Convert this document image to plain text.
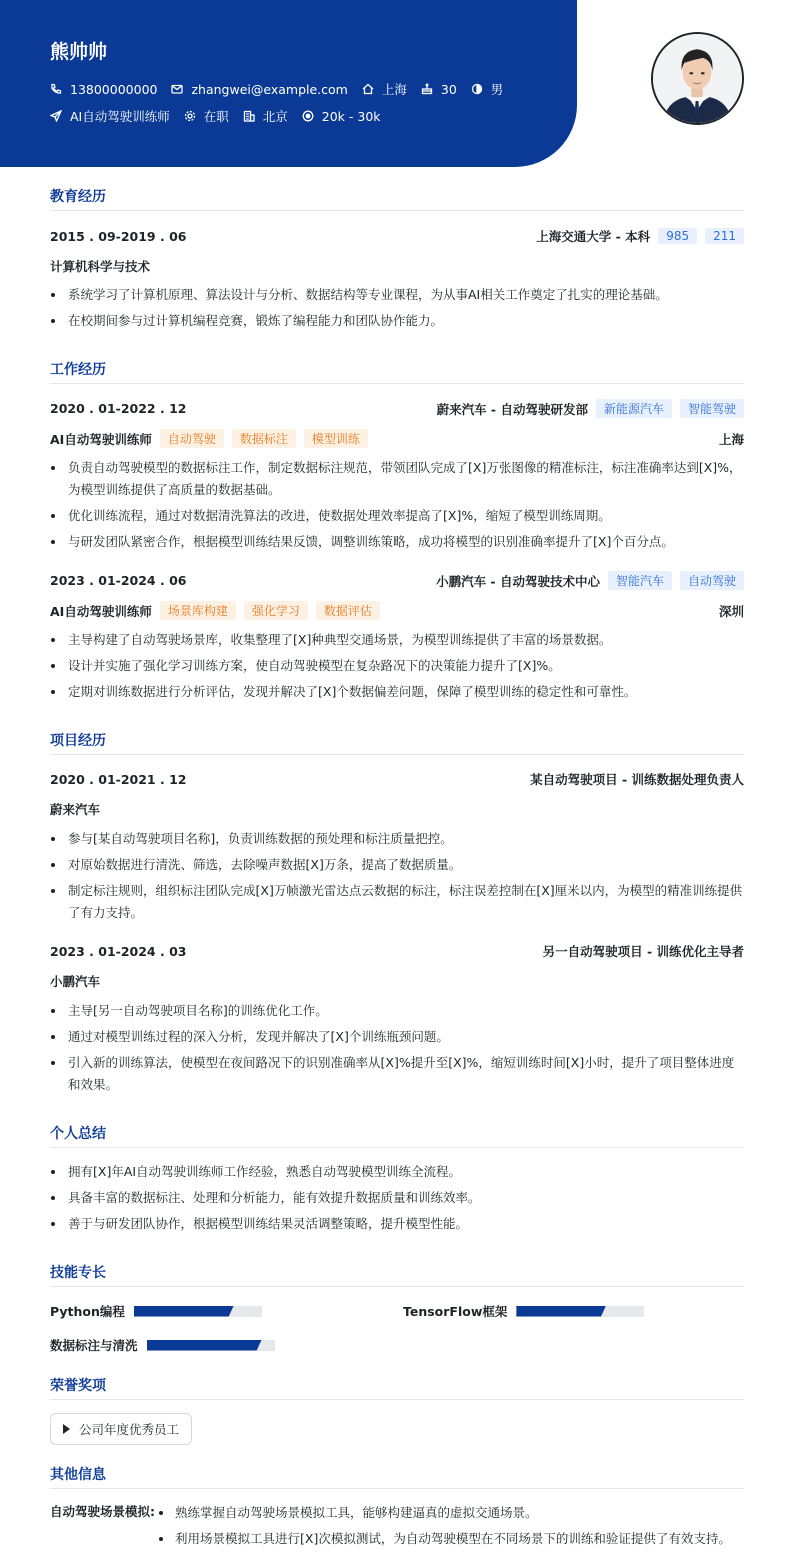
熊帅帅
13800000000	zhangwei@example.com	上海	30	男
AI自动驾驶训练师	在职	北京	20k - 30k
教育经历
2015 . 09-2019 . 06	上海交通大学 - 本科	985	211
计算机科学与技术
系统学习了计算机原理、算法设计与分析、数据结构等专业课程，为从事AI相关工作奠定了扎实的理论基础。
在校期间参与过计算机编程竞赛，锻炼了编程能力和团队协作能力。
工作经历
2020 . 01-2022 . 12	蔚来汽车 - 自动驾驶研发部	新能源汽车	智能驾驶
AI自动驾驶训练师	自动驾驶	数据标注	模型训练	上海
负责自动驾驶模型的数据标注工作，制定数据标注规范，带领团队完成了[X]万张图像的精准标注，标注准确率达到[X]%，为模型训练提供了高质量的数据基础。
优化训练流程，通过对数据清洗算法的改进，使数据处理效率提高了[X]%，缩短了模型训练周期。
与研发团队紧密合作，根据模型训练结果反馈，调整训练策略，成功将模型的识别准确率提升了[X]个百分点。
2023 . 01-2024 . 06	小鹏汽车 - 自动驾驶技术中心	智能汽车	自动驾驶
AI自动驾驶训练师	场景库构建	强化学习	数据评估	深圳
主导构建了自动驾驶场景库，收集整理了[X]种典型交通场景，为模型训练提供了丰富的场景数据。
设计并实施了强化学习训练方案，使自动驾驶模型在复杂路况下的决策能力提升了[X]%。
定期对训练数据进行分析评估，发现并解决了[X]个数据偏差问题，保障了模型训练的稳定性和可靠性。
项目经历
2020 . 01-2021 . 12	某自动驾驶项目 - 训练数据处理负责人
蔚来汽车
参与[某自动驾驶项目名称]，负责训练数据的预处理和标注质量把控。
对原始数据进行清洗、筛选，去除噪声数据[X]万条，提高了数据质量。
制定标注规则，组织标注团队完成[X]万帧激光雷达点云数据的标注，标注误差控制在[X]厘米以内，为模型的精准训练提供了有力支持。
2023 . 01-2024 . 03	另一自动驾驶项目 - 训练优化主导者
小鹏汽车
主导[另一自动驾驶项目名称]的训练优化工作。
通过对模型训练过程的深入分析，发现并解决了[X]个训练瓶颈问题。
引入新的训练算法，使模型在夜间路况下的识别准确率从[X]%提升至[X]%，缩短训练时间[X]小时，提升了项目整体进度和效果。
个人总结
拥有[X]年AI自动驾驶训练师工作经验，熟悉自动驾驶模型训练全流程。
具备丰富的数据标注、处理和分析能力，能有效提升数据质量和训练效率。
善于与研发团队协作，根据模型训练结果灵活调整策略，提升模型性能。
技能专长
Python编程	TensorFlow框架
数据标注与清洗
荣誉奖项
公司年度优秀员工
其他信息
自动驾驶场景模拟:	熟练掌握自动驾驶场景模拟工具，能够构建逼真的虚拟交通场景。
利用场景模拟工具进行[X]次模拟测试，为自动驾驶模型在不同场景下的训练和验证提供了有效支持。
